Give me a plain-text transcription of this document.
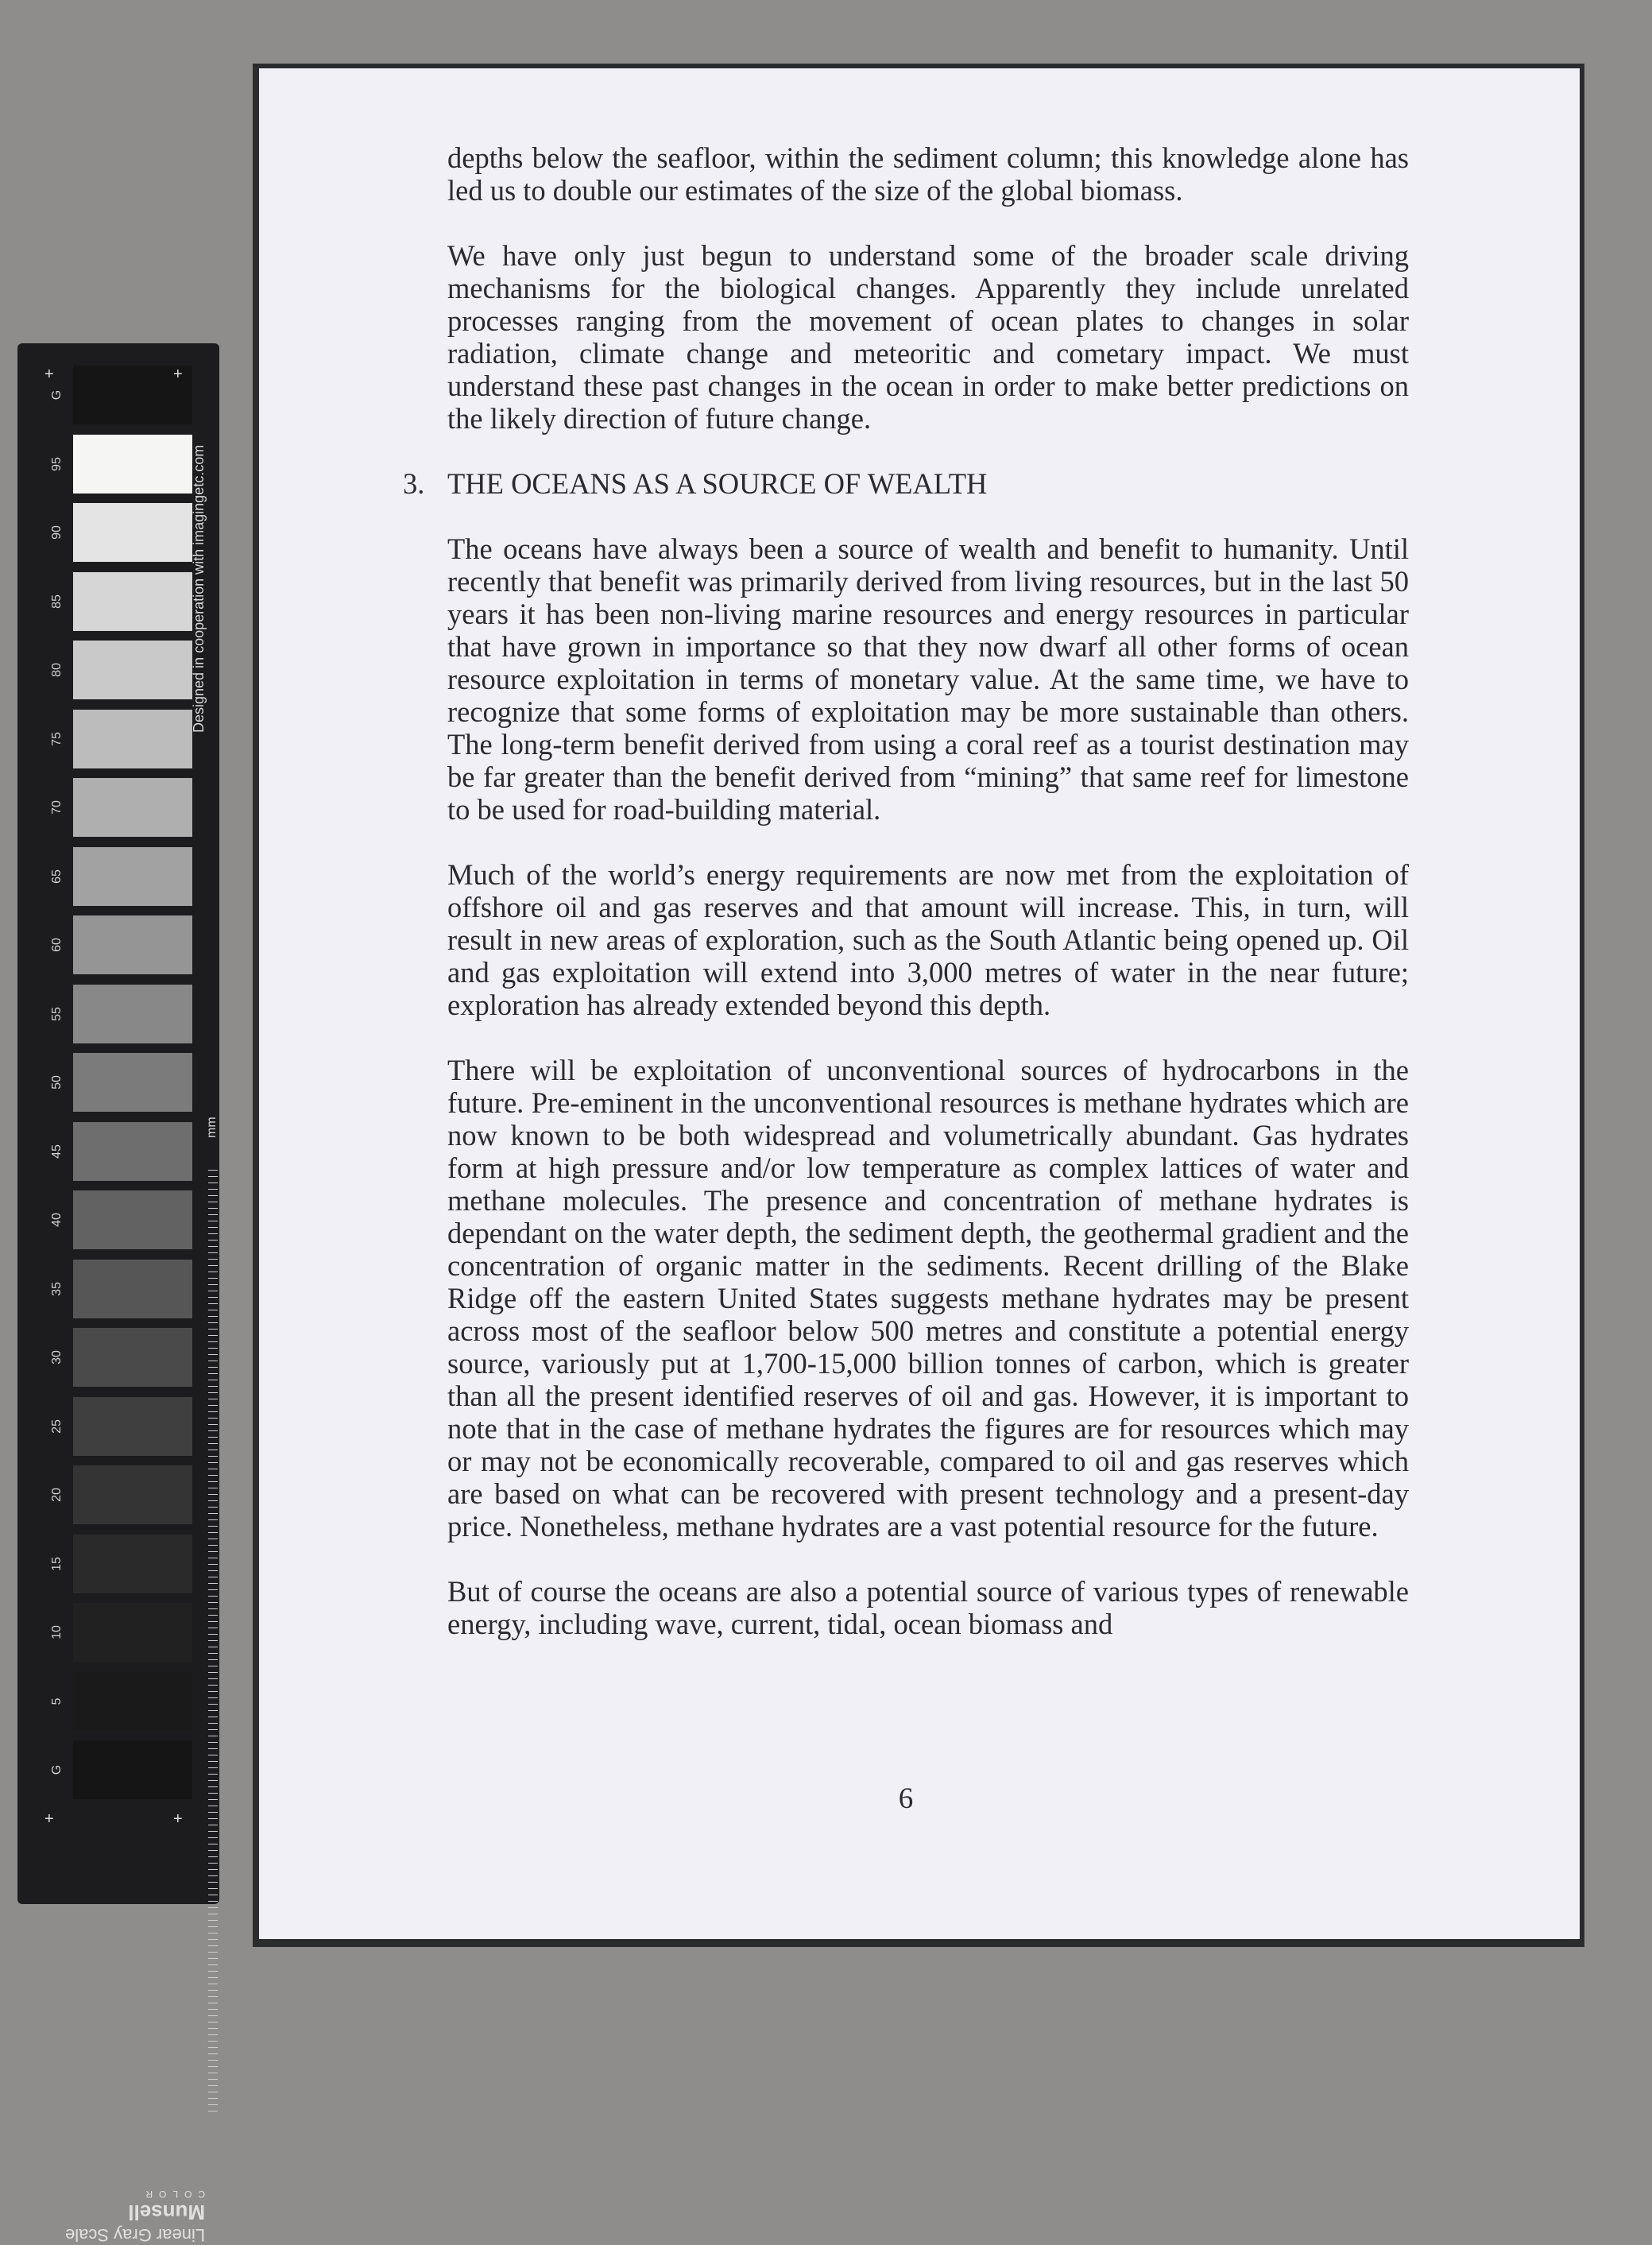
depths below the seafloor, within the sediment column; this knowledge alone has led us to double our estimates of the size of the global biomass.

We have only just begun to understand some of the broader scale driving mechanisms for the biological changes. Apparently they include unrelated processes ranging from the movement of ocean plates to changes in solar radiation, climate change and meteoritic and cometary impact. We must understand these past changes in the ocean in order to make better predictions on the likely direction of future change.

3. THE OCEANS AS A SOURCE OF WEALTH

The oceans have always been a source of wealth and benefit to humanity. Until recently that benefit was primarily derived from living resources, but in the last 50 years it has been non-living marine resources and energy resources in particular that have grown in importance so that they now dwarf all other forms of ocean resource exploitation in terms of monetary value. At the same time, we have to recognize that some forms of exploitation may be more sustainable than others. The long-term benefit derived from using a coral reef as a tourist destination may be far greater than the benefit derived from “mining” that same reef for limestone to be used for road-building material.

Much of the world’s energy requirements are now met from the exploitation of offshore oil and gas reserves and that amount will increase. This, in turn, will result in new areas of exploration, such as the South Atlantic being opened up. Oil and gas exploitation will extend into 3,000 metres of water in the near future; exploration has already extended beyond this depth.

There will be exploitation of unconventional sources of hydrocarbons in the future. Pre-eminent in the unconventional resources is methane hydrates which are now known to be both widespread and volumetrically abundant. Gas hydrates form at high pressure and/or low temperature as complex lattices of water and methane molecules. The presence and concentration of methane hydrates is dependant on the water depth, the sediment depth, the geothermal gradient and the concentration of organic matter in the sediments. Recent drilling of the Blake Ridge off the eastern United States suggests methane hydrates may be present across most of the seafloor below 500 metres and constitute a potential energy source, variously put at 1,700-15,000 billion tonnes of carbon, which is greater than all the present identified reserves of oil and gas. However, it is important to note that in the case of methane hydrates the figures are for resources which may or may not be economically recoverable, compared to oil and gas reserves which are based on what can be recovered with present technology and a present-day price. Nonetheless, methane hydrates are a vast potential resource for the future.

But of course the oceans are also a potential source of various types of renewable energy, including wave, current, tidal, ocean biomass and

6
G
95
90
85
80
75
70
65
60
55
50
45
40
35
30
25
20
15
10
5
G
+	+
+	+
mm
Designed in cooperation with imagingetc.com
Linear Gray Scale
Munsell
COLOR
